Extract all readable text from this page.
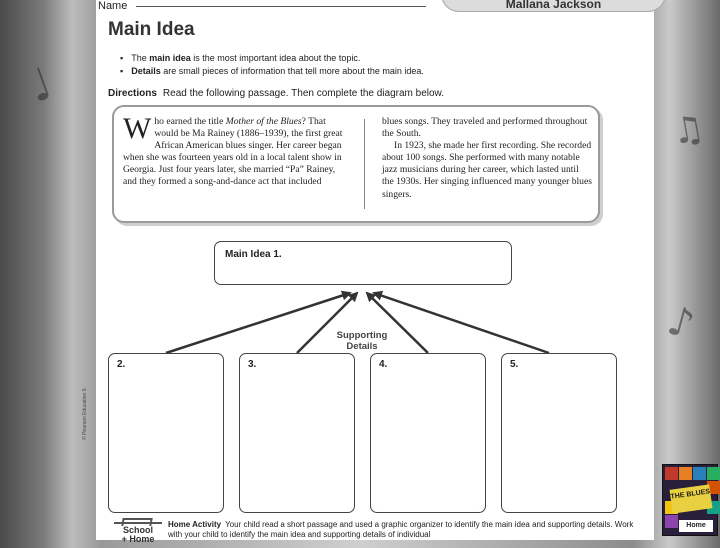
♩
♪
♫
Name	Mallana Jackson
Main Idea
▪ The main idea is the most important idea about the topic.
▪ Details are small pieces of information that tell more about the main idea.
Directions Read the following passage. Then complete the diagram below.
Who earned the title Mother of the Blues? That would be Ma Rainey (1886–1939), the first great African American blues singer. Her career began when she was fourteen years old in a local talent show in Georgia. Just four years later, she married “Pa” Rainey, and they formed a song-and-dance act that included

blues songs. They traveled and performed throughout the South.

In 1923, she made her first recording. She recorded about 100 songs. She performed with many notable jazz musicians during her career, which lasted until the 1930s. Her singing influenced many younger blues singers.

Main Idea 1.
Supporting Details
2.	3.	4.	5.
© Pearson Education 5
School
+ Home
Home Activity Your child read a short passage and used a graphic organizer to identify the main idea and supporting details. Work with your child to identify the main idea and supporting details of individual
THE BLUES
Home
